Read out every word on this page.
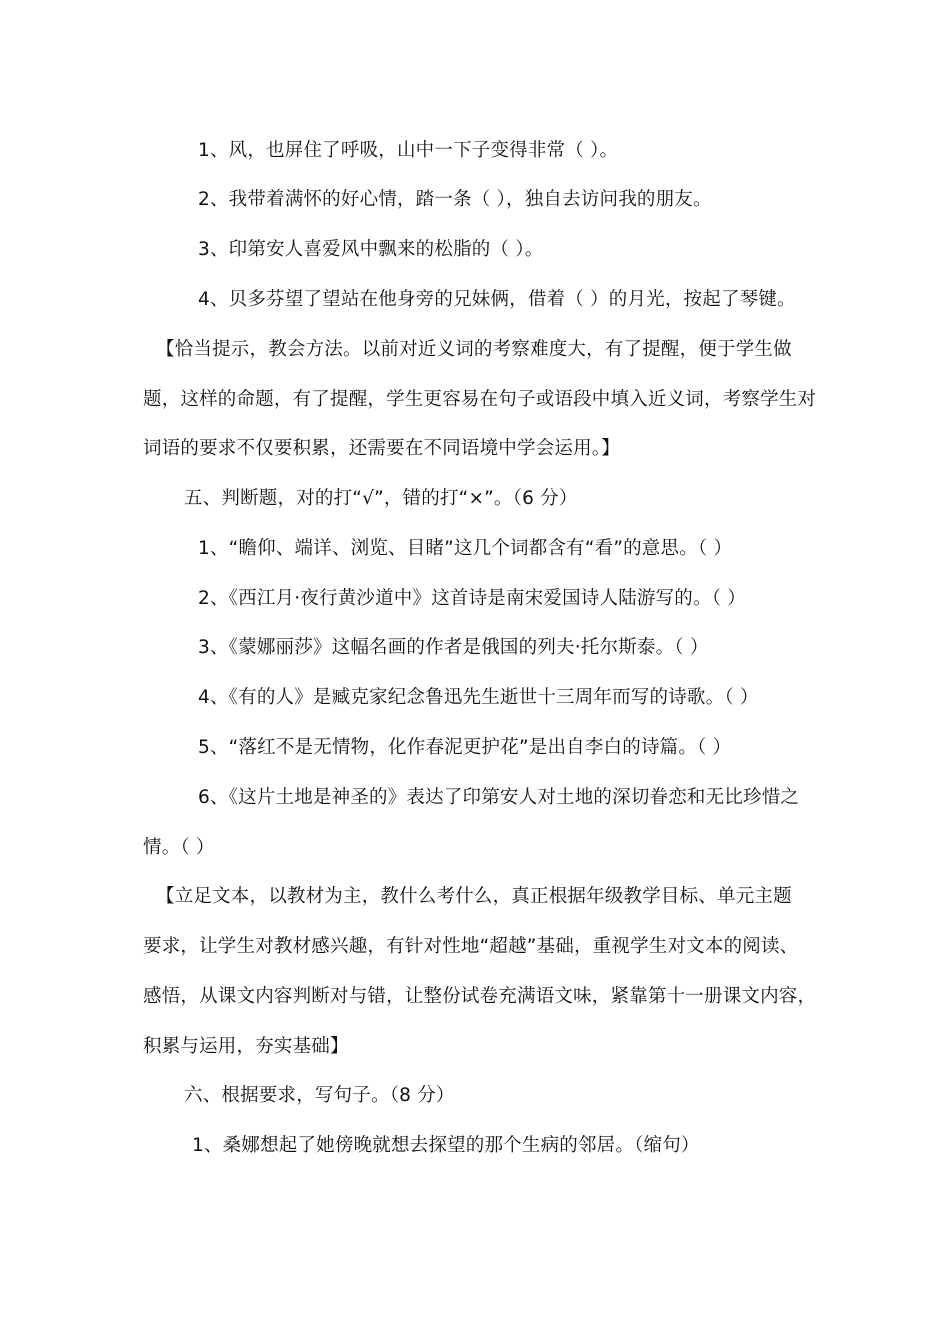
1、风，也屏住了呼吸，山中一下子变得非常（ ）。
2、我带着满怀的好心情，踏一条（ ），独自去访问我的朋友。
3、印第安人喜爱风中飘来的松脂的（ ）。
4、贝多芬望了望站在他身旁的兄妹俩，借着（ ）的月光，按起了琴键。
【恰当提示，教会方法。以前对近义词的考察难度大，有了提醒，便于学生做
题，这样的命题，有了提醒，学生更容易在句子或语段中填入近义词，考察学生对
词语的要求不仅要积累，还需要在不同语境中学会运用。】
五、判断题，对的打“√”，错的打“×”。（6 分）
1、“瞻仰、端详、浏览、目睹”这几个词都含有“看”的意思。（ ）
2、《西江月·夜行黄沙道中》这首诗是南宋爱国诗人陆游写的。（ ）
3、《蒙娜丽莎》这幅名画的作者是俄国的列夫·托尔斯泰。（ ）
4、《有的人》是臧克家纪念鲁迅先生逝世十三周年而写的诗歌。（ ）
5、“落红不是无情物，化作春泥更护花”是出自李白的诗篇。（ ）
6、《这片土地是神圣的》表达了印第安人对土地的深切眷恋和无比珍惜之
情。（ ）
【立足文本，以教材为主，教什么考什么，真正根据年级教学目标、单元主题
要求，让学生对教材感兴趣，有针对性地“超越”基础，重视学生对文本的阅读、
感悟，从课文内容判断对与错，让整份试卷充满语文味，紧靠第十一册课文内容，
积累与运用，夯实基础】
六、根据要求，写句子。（8 分）
1、桑娜想起了她傍晚就想去探望的那个生病的邻居。（缩句）
